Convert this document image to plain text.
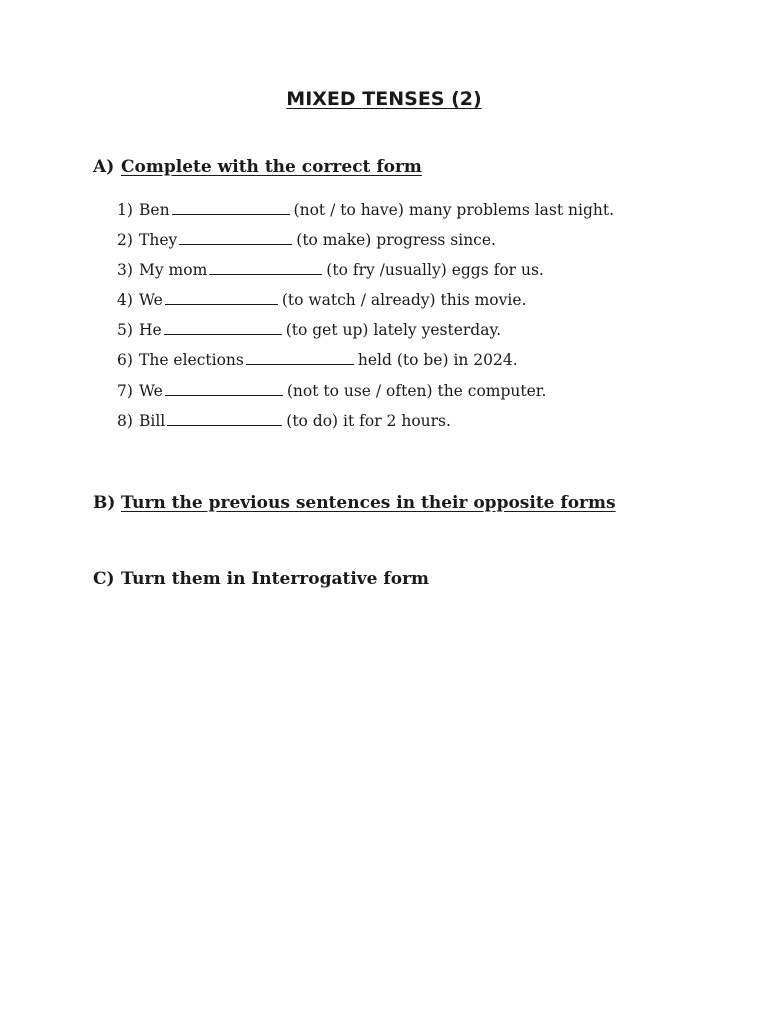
MIXED TENSES (2)
A) Complete with the correct form
1) Ben	(not / to have) many problems last night.
2) They	(to make) progress since.
3) My mom	(to fry /usually) eggs for us.
4) We	(to watch / already) this movie.
5) He	(to get up) lately yesterday.
6) The elections	held (to be) in 2024.
7) We	(not to use / often) the computer.
8) Bill	(to do) it for 2 hours.
B) Turn the previous sentences in their opposite forms
C) Turn them in Interrogative form
